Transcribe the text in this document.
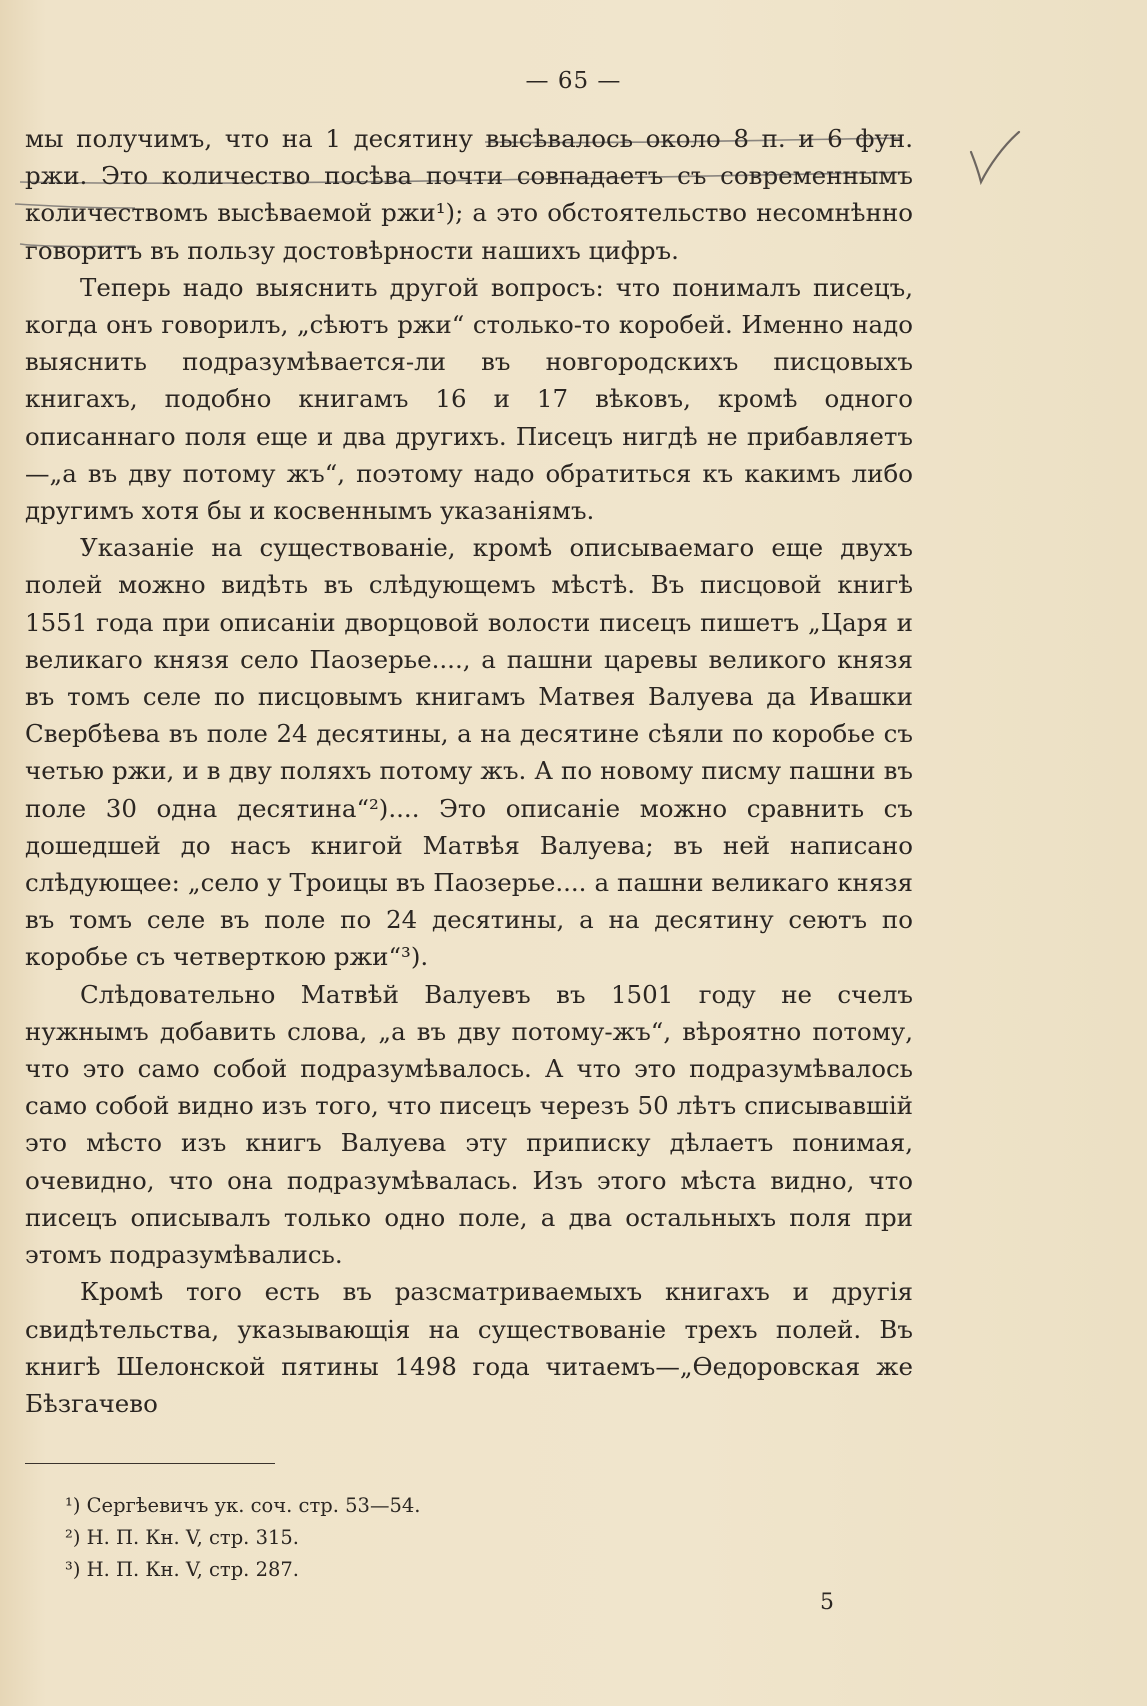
— 65 —

мы получимъ, что на 1 десятину высѣвалось около 8 п. и 6 фун. ржи. Это количество посѣва почти совпадаетъ съ современнымъ количествомъ высѣваемой ржи¹); а это обстоятельство несомнѣнно говоритъ въ пользу достовѣрности нашихъ цифръ.

Теперь надо выяснить другой вопросъ: что понималъ писецъ, когда онъ говорилъ, „сѣютъ ржи“ столько-то коробей. Именно надо выяснить подразумѣвается-ли въ новгородскихъ писцовыхъ книгахъ, подобно книгамъ 16 и 17 вѣковъ, кромѣ одного описаннаго поля еще и два другихъ. Писецъ нигдѣ не прибавляетъ—„а въ дву потому жъ“, поэтому надо обратиться къ какимъ либо другимъ хотя бы и косвеннымъ указаніямъ.

Указаніе на существованіе, кромѣ описываемаго еще двухъ полей можно видѣть въ слѣдующемъ мѣстѣ. Въ писцовой книгѣ 1551 года при описаніи дворцовой волости писецъ пишетъ „Царя и великаго князя село Паозерье...., а пашни царевы великого князя въ томъ селе по писцовымъ книгамъ Матвея Валуева да Ивашки Свербѣева въ поле 24 десятины, а на десятине сѣяли по коробье съ четью ржи, и в дву поляхъ потому жъ. А по новому писму пашни въ поле 30 одна десятина“²).... Это описаніе можно сравнить съ дошедшей до насъ книгой Матвѣя Валуева; въ ней написано слѣдующее: „село у Троицы въ Паозерье.... а пашни великаго князя въ томъ селе въ поле по 24 десятины, а на десятину сеютъ по коробье съ четверткою ржи“³).

Слѣдовательно Матвѣй Валуевъ въ 1501 году не счелъ нужнымъ добавить слова, „а въ дву потому-жъ“, вѣроятно потому, что это само собой подразумѣвалось. А что это подразумѣвалось само собой видно изъ того, что писецъ черезъ 50 лѣтъ списывавшій это мѣсто изъ книгъ Валуева эту приписку дѣлаетъ понимая, очевидно, что она подразумѣвалась. Изъ этого мѣста видно, что писецъ описывалъ только одно поле, а два остальныхъ поля при этомъ подразумѣвались.

Кромѣ того есть въ разсматриваемыхъ книгахъ и другія свидѣтельства, указывающія на существованіе трехъ полей. Въ книгѣ Шелонской пятины 1498 года читаемъ—„Ѳедоровская же Бѣзгачево

¹) Сергѣевичъ ук. соч. стр. 53—54.
²) Н. П. Кн. V, стр. 315.
³) Н. П. Кн. V, стр. 287.
5
